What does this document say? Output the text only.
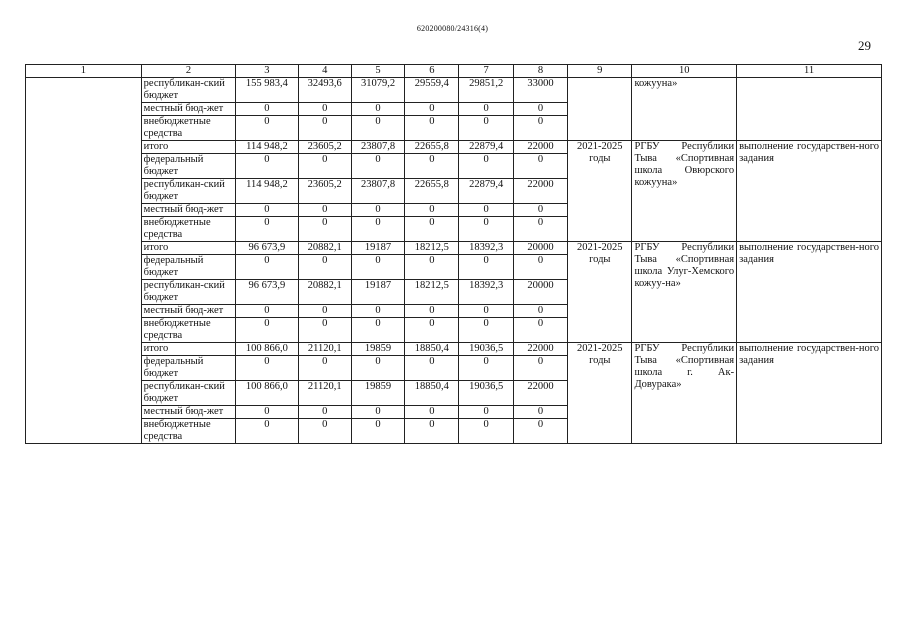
620200080/24316(4)
29
1	2	3	4	5	6	7	8	9	10	11
	республикан-ский бюджет	155 983,4	32493,6	31079,2	29559,4	29851,2	33000		кожууна»	
	местный бюд-жет	0	0	0	0	0	0			
	внебюджетные средства	0	0	0	0	0	0			
	итого	114 948,2	23605,2	23807,8	22655,8	22879,4	22000	2021-2025 годы	РГБУ Республики Тыва «Спортивная школа Овюрского кожууна»	выполнение государствен-ного задания
	федеральный бюджет	0	0	0	0	0	0			
	республикан-ский бюджет	114 948,2	23605,2	23807,8	22655,8	22879,4	22000			
	местный бюд-жет	0	0	0	0	0	0			
	внебюджетные средства	0	0	0	0	0	0			
	итого	96 673,9	20882,1	19187	18212,5	18392,3	20000	2021-2025 годы	РГБУ Республики Тыва «Спортивная школа Улуг-Хемского кожуу-на»	выполнение государствен-ного задания
	федеральный бюджет	0	0	0	0	0	0			
	республикан-ский бюджет	96 673,9	20882,1	19187	18212,5	18392,3	20000			
	местный бюд-жет	0	0	0	0	0	0			
	внебюджетные средства	0	0	0	0	0	0			
	итого	100 866,0	21120,1	19859	18850,4	19036,5	22000	2021-2025 годы	РГБУ Республики Тыва «Спортивная школа г. Ак-Довурака»	выполнение государствен-ного задания
	федеральный бюджет	0	0	0	0	0	0			
	республикан-ский бюджет	100 866,0	21120,1	19859	18850,4	19036,5	22000			
	местный бюд-жет	0	0	0	0	0	0			
	внебюджетные средства	0	0	0	0	0	0			
